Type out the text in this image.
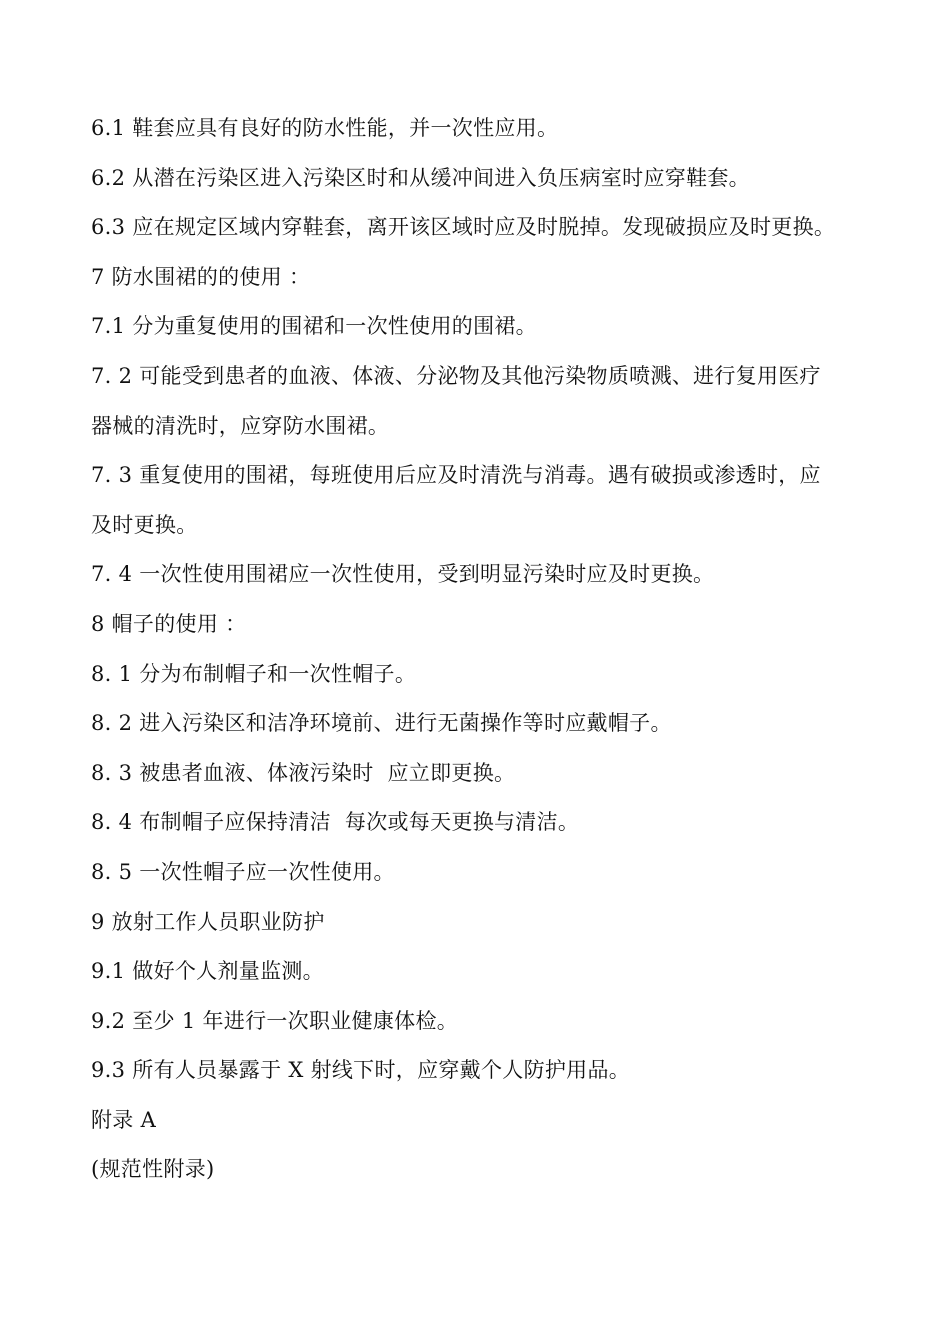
6.1 鞋套应具有良好的防水性能，并一次性应用。
6.2 从潜在污染区进入污染区时和从缓冲间进入负压病室时应穿鞋套。
6.3 应在规定区域内穿鞋套，离开该区域时应及时脱掉。发现破损应及时更换。
7 防水围裙的的使用 ：
7.1 分为重复使用的围裙和一次性使用的围裙。
7. 2 可能受到患者的血液、体液、分泌物及其他污染物质喷溅、进行复用医疗
器械的清洗时，应穿防水围裙。
7. 3 重复使用的围裙，每班使用后应及时清洗与消毒。遇有破损或渗透时，应
及时更换。
7. 4 一次性使用围裙应一次性使用，受到明显污染时应及时更换。
8 帽子的使用 ：
8. 1 分为布制帽子和一次性帽子。
8. 2 进入污染区和洁净环境前、进行无菌操作等时应戴帽子。
8. 3 被患者血液、体液污染时  应立即更换。
8. 4 布制帽子应保持清洁  每次或每天更换与清洁。
8. 5 一次性帽子应一次性使用。
9 放射工作人员职业防护
9.1 做好个人剂量监测。
9.2 至少 1 年进行一次职业健康体检。
9.3 所有人员暴露于 X 射线下时，应穿戴个人防护用品。
附录 A
(规范性附录)
